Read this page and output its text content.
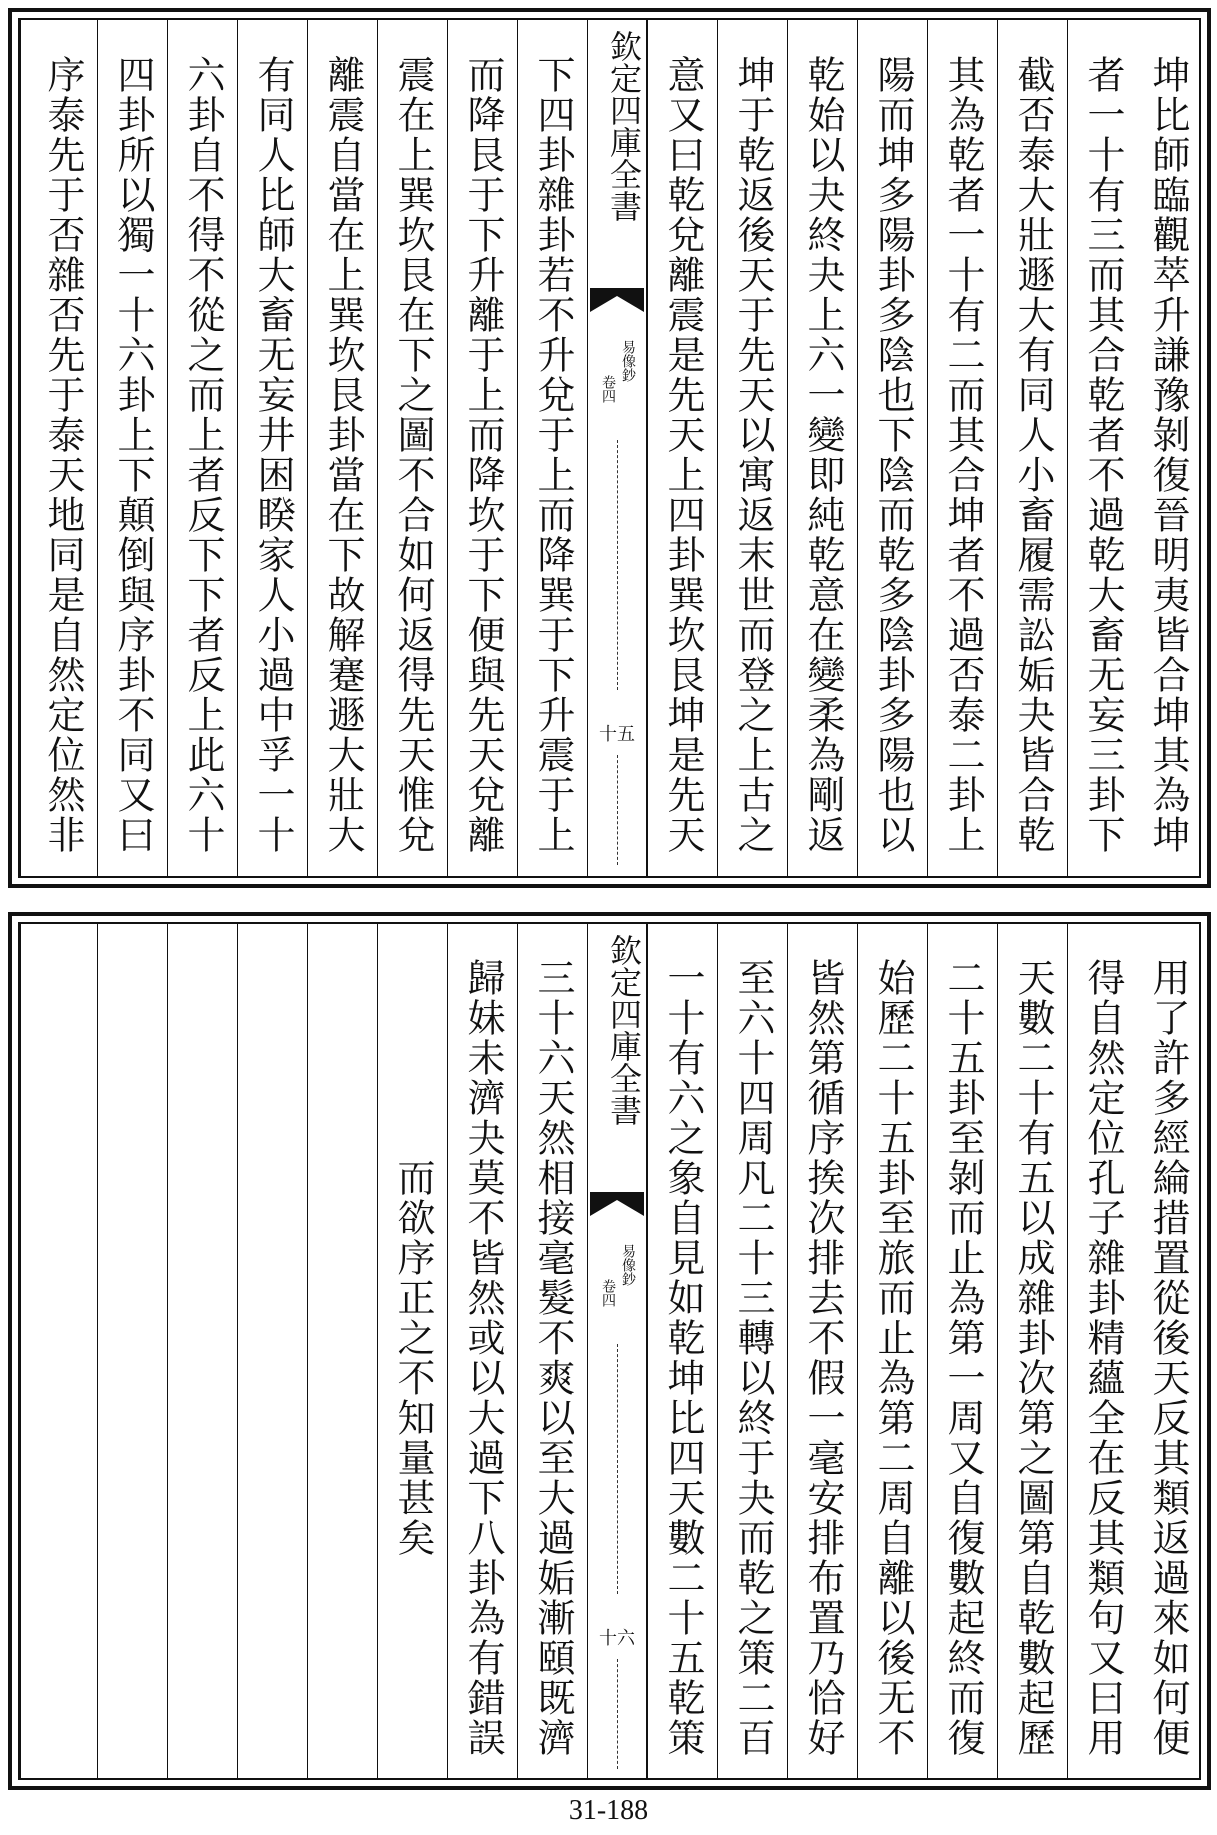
坤比師臨觀萃升謙豫剝復晉明夷皆合坤其為坤
者一十有三而其合乾者不過乾大畜无妄三卦下
截否泰大壯遯大有同人小畜履需訟姤夬皆合乾
其為乾者一十有二而其合坤者不過否泰二卦上
陽而坤多陽卦多陰也下陰而乾多陰卦多陽也以
乾始以夬終夬上六一變即純乾意在變柔為剛返
坤于乾返後天于先天以寓返末世而登之上古之
意又曰乾兌離震是先天上四卦巽坎艮坤是先天
欽定四庫全書
易像鈔
卷四
十五
下四卦雜卦若不升兌于上而降巽于下升震于上
而降艮于下升離于上而降坎于下便與先天兌離
震在上巽坎艮在下之圖不合如何返得先天惟兌
離震自當在上巽坎艮卦當在下故解蹇遯大壯大
有同人比師大畜无妄井困睽家人小過中孚一十
六卦自不得不從之而上者反下下者反上此六十
四卦所以獨一十六卦上下顛倒與序卦不同又曰
序泰先于否雜否先于泰天地同是自然定位然非
用了許多經綸措置從後天反其類返過來如何便
得自然定位孔子雜卦精蘊全在反其類句又曰用
天數二十有五以成雜卦次第之圖第自乾數起歷
二十五卦至剝而止為第一周又自復數起終而復
始歷二十五卦至旅而止為第二周自離以後无不
皆然第循序挨次排去不假一毫安排布置乃恰好
至六十四周凡二十三轉以終于夬而乾之策二百
一十有六之象自見如乾坤比四天數二十五乾策
欽定四庫全書
易像鈔
卷四
十六
三十六天然相接毫髮不爽以至大過姤漸頤既濟
歸妹未濟夬莫不皆然或以大過下八卦為有錯誤
而欲序正之不知量甚矣
31-188
